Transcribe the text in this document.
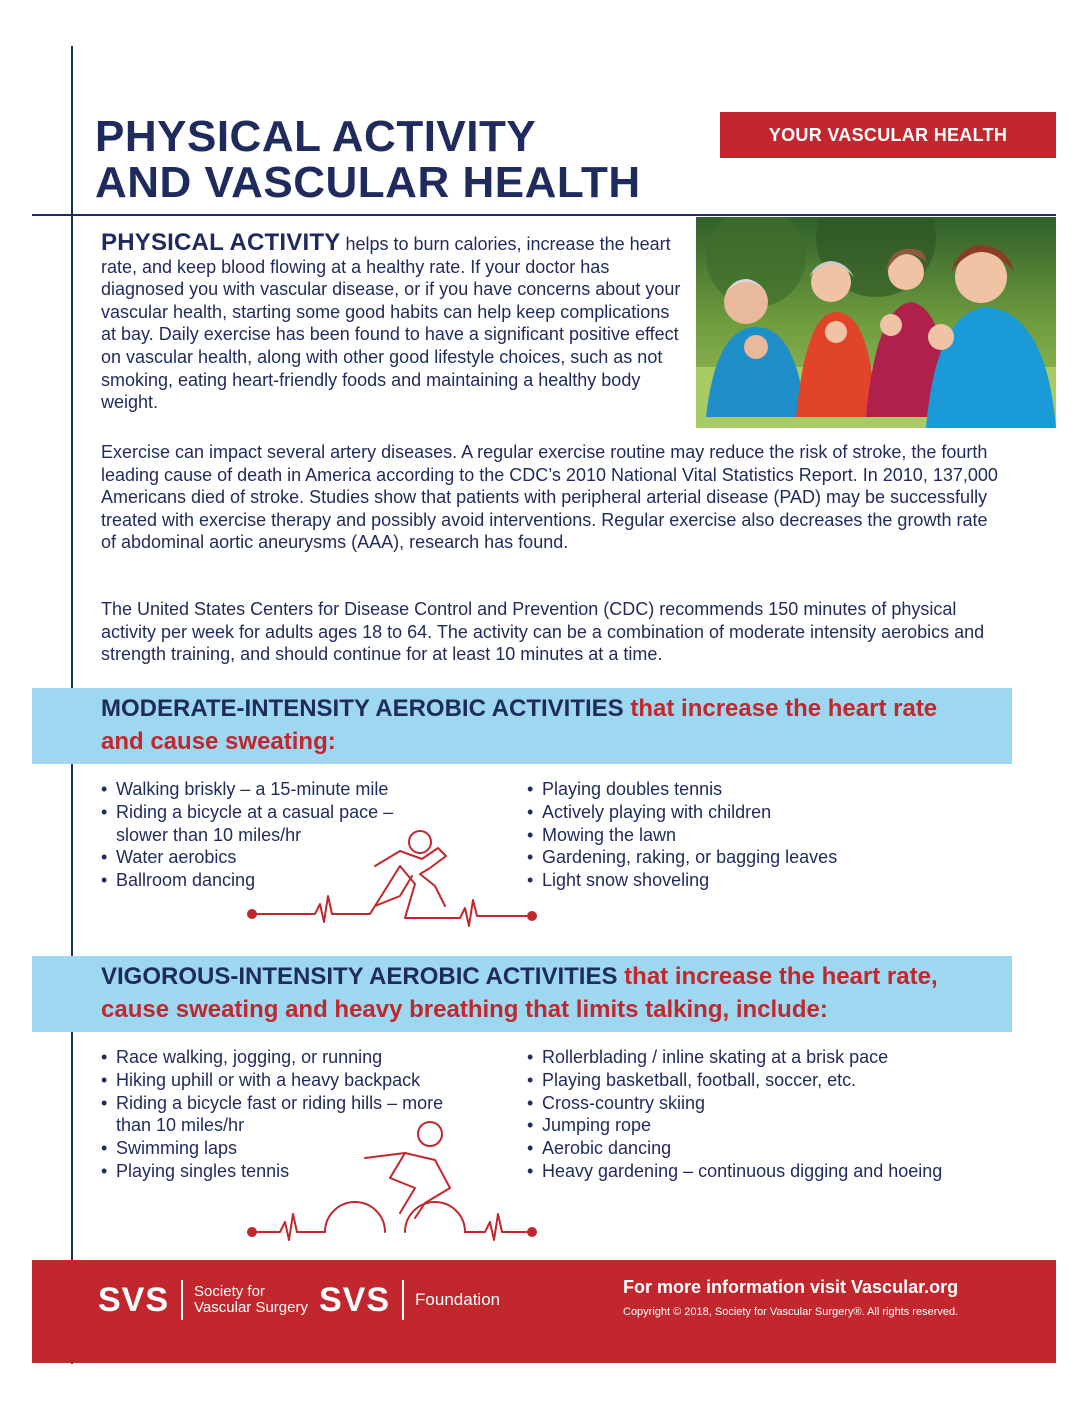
PHYSICAL ACTIVITY
AND VASCULAR HEALTH
YOUR VASCULAR HEALTH

PHYSICAL ACTIVITY helps to burn calories, increase the heart rate, and keep blood flowing at a healthy rate. If your doctor has diagnosed you with vascular disease, or if you have concerns about your vascular health, starting some good habits can help keep complications at bay. Daily exercise has been found to have a significant positive effect on vascular health, along with other good lifestyle choices, such as not smoking, eating heart-friendly foods and maintaining a healthy body weight.

Exercise can impact several artery diseases. A regular exercise routine may reduce the risk of stroke, the fourth leading cause of death in America according to the CDC’s 2010 National Vital Statistics Report. In 2010, 137,000 Americans died of stroke. Studies show that patients with peripheral arterial disease (PAD) may be successfully treated with exercise therapy and possibly avoid interventions. Regular exercise also decreases the growth rate of abdominal aortic aneurysms (AAA), research has found.

The United States Centers for Disease Control and Prevention (CDC) recommends 150 minutes of physical activity per week for adults ages 18 to 64. The activity can be a combination of moderate intensity aerobics and strength training, and should continue for at least 10 minutes at a time.

MODERATE-INTENSITY AEROBIC ACTIVITIES that increase the heart rate and cause sweating:
• Walking briskly – a 15-minute mile
• Riding a bicycle at a casual pace – slower than 10 miles/hr
• Water aerobics
• Ballroom dancing
• Playing doubles tennis
• Actively playing with children
• Mowing the lawn
• Gardening, raking, or bagging leaves
• Light snow shoveling
VIGOROUS-INTENSITY AEROBIC ACTIVITIES that increase the heart rate, cause sweating and heavy breathing that limits talking, include:
• Race walking, jogging, or running
• Hiking uphill or with a heavy backpack
• Riding a bicycle fast or riding hills – more than 10 miles/hr
• Swimming laps
• Playing singles tennis
• Rollerblading / inline skating at a brisk pace
• Playing basketball, football, soccer, etc.
• Cross-country skiing
• Jumping rope
• Aerobic dancing
• Heavy gardening – continuous digging and hoeing
SVS Society for
Vascular Surgery SVS Foundation
For more information visit Vascular.org
Copyright © 2018, Society for Vascular Surgery®. All rights reserved.
